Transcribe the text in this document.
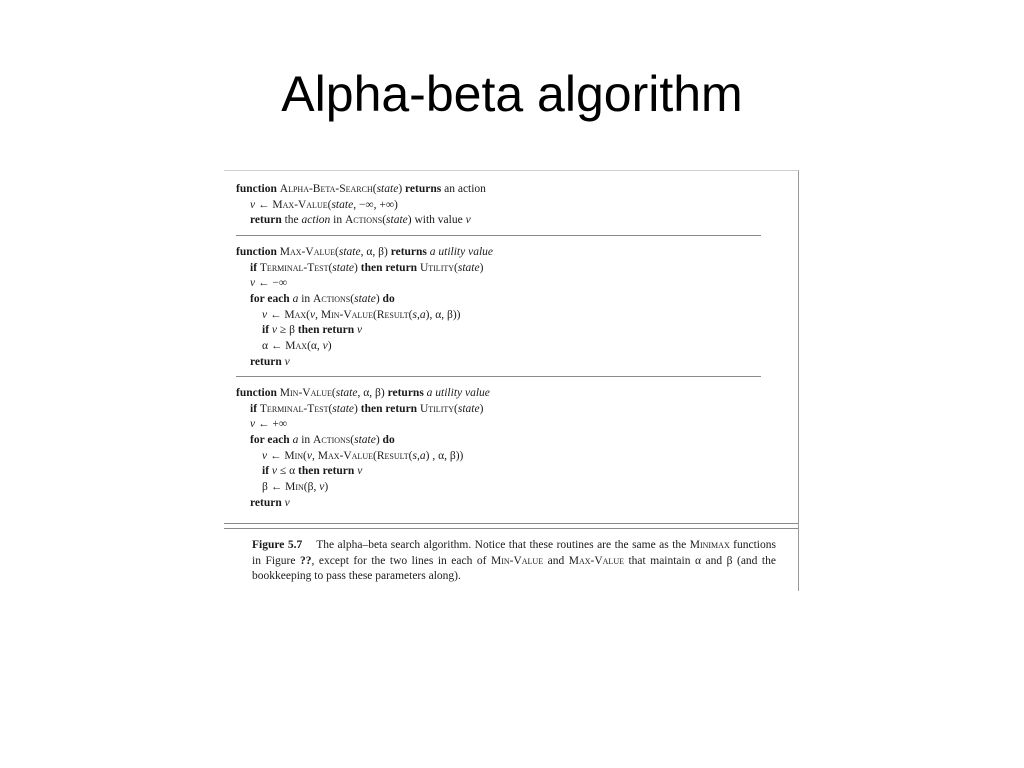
Alpha-beta algorithm
function Alpha-Beta-Search(state) returns an action
v ← Max-Value(state, −∞, +∞)
return the action in Actions(state) with value v
function Max-Value(state, α, β) returns a utility value
if Terminal-Test(state) then return Utility(state)
v ← −∞
for each a in Actions(state) do
v ← Max(v, Min-Value(Result(s,a), α, β))
if v ≥ β then return v
α ← Max(α, v)
return v
function Min-Value(state, α, β) returns a utility value
if Terminal-Test(state) then return Utility(state)
v ← +∞
for each a in Actions(state) do
v ← Min(v, Max-Value(Result(s,a) , α, β))
if v ≤ α then return v
β ← Min(β, v)
return v
Figure 5.7 The alpha–beta search algorithm. Notice that these routines are the same as the Minimax functions in Figure ??, except for the two lines in each of Min-Value and Max-Value that maintain α and β (and the bookkeeping to pass these parameters along).
